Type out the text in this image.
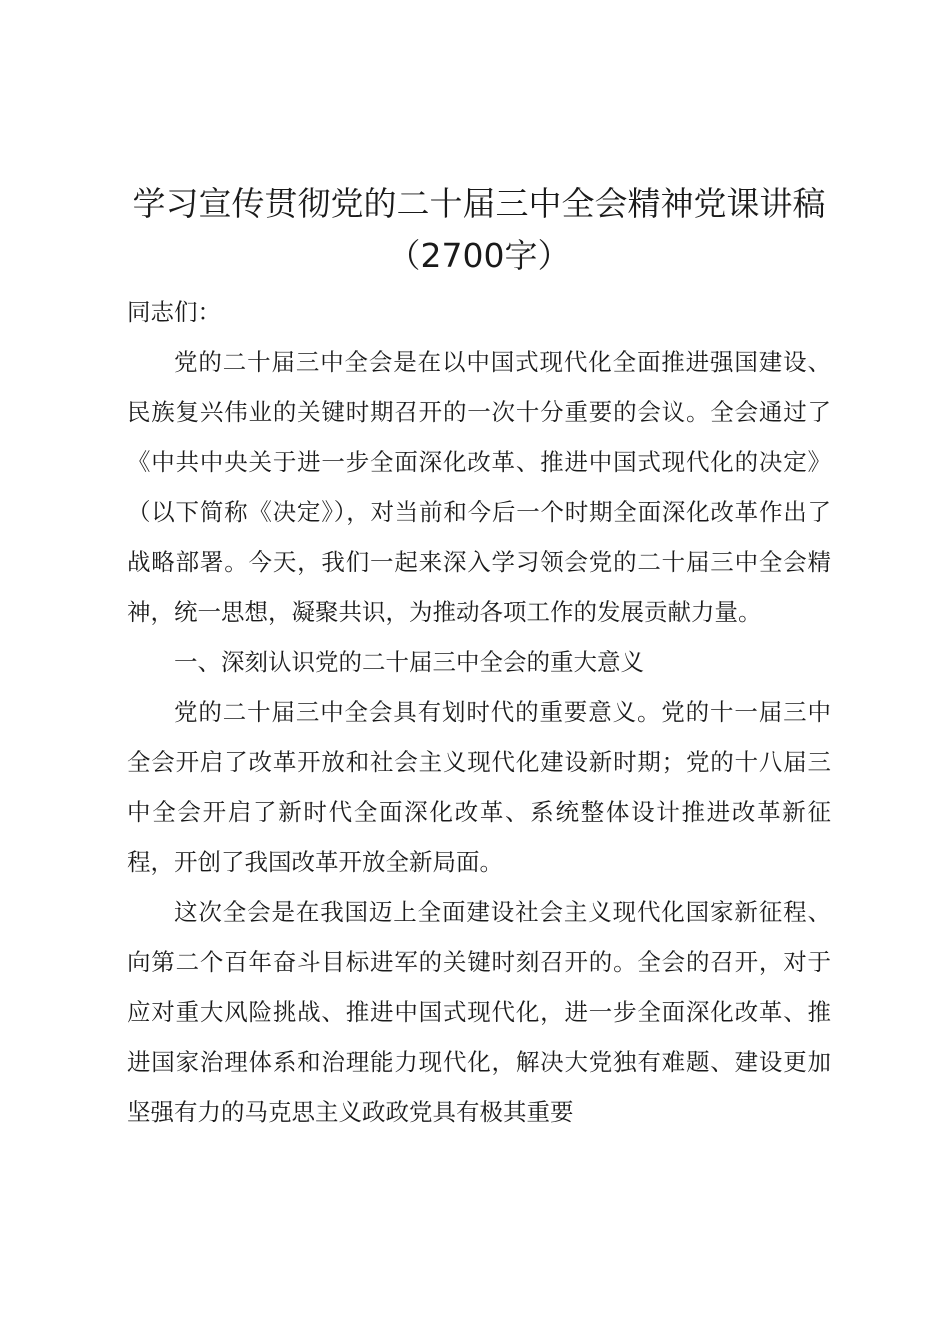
学习宣传贯彻党的二十届三中全会精神党课讲稿（2700字）

同志们：

党的二十届三中全会是在以中国式现代化全面推进强国建设、民族复兴伟业的关键时期召开的一次十分重要的会议。全会通过了《中共中央关于进一步全面深化改革、推进中国式现代化的决定》（以下简称《决定》），对当前和今后一个时期全面深化改革作出了战略部署。今天，我们一起来深入学习领会党的二十届三中全会精神，统一思想，凝聚共识，为推动各项工作的发展贡献力量。

一、深刻认识党的二十届三中全会的重大意义

党的二十届三中全会具有划时代的重要意义。党的十一届三中全会开启了改革开放和社会主义现代化建设新时期；党的十八届三中全会开启了新时代全面深化改革、系统整体设计推进改革新征程，开创了我国改革开放全新局面。

这次全会是在我国迈上全面建设社会主义现代化国家新征程、向第二个百年奋斗目标进军的关键时刻召开的。全会的召开，对于应对重大风险挑战、推进中国式现代化，进一步全面深化改革、推进国家治理体系和治理能力现代化，解决大党独有难题、建设更加坚强有力的马克思主义政政党具有极其重要
